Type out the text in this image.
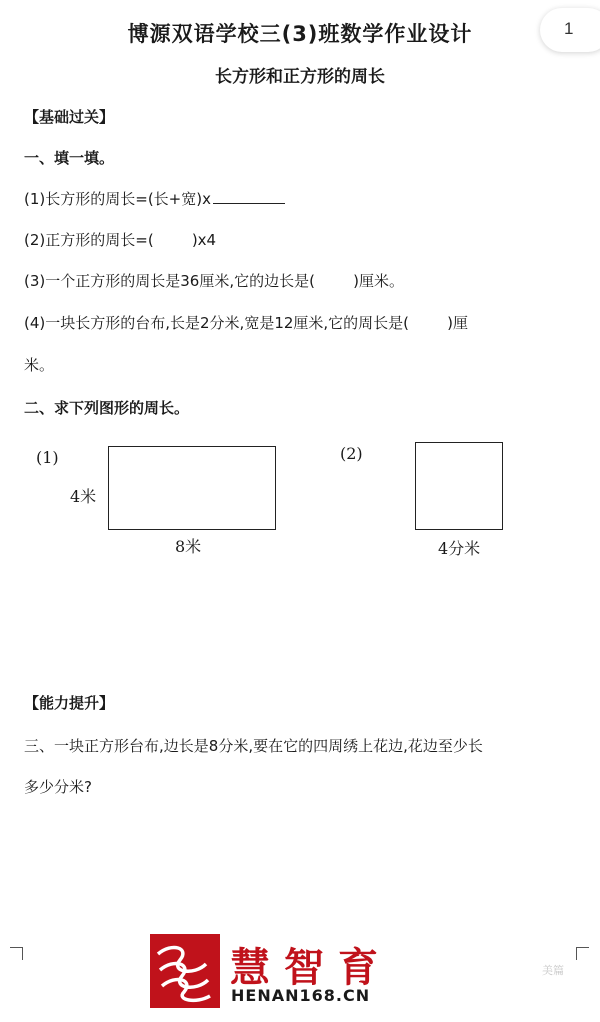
博源双语学校三(3)班数学作业设计
长方形和正方形的周长
1
【基础过关】
一、填一填。
(1)长方形的周长=(长+宽)x
(2)正方形的周长=(        )x4
(3)一个正方形的周长是36厘米,它的边长是(        )厘米。
(4)一块长方形的台布,长是2分米,宽是12厘米,它的周长是(        )厘
米。
二、求下列图形的周长。
(1)
4米
8米
(2)
4分米
【能力提升】
三、一块正方形台布,边长是8分米,要在它的四周绣上花边,花边至少长
多少分米?
慧智育
HENAN168.CN
美篇
